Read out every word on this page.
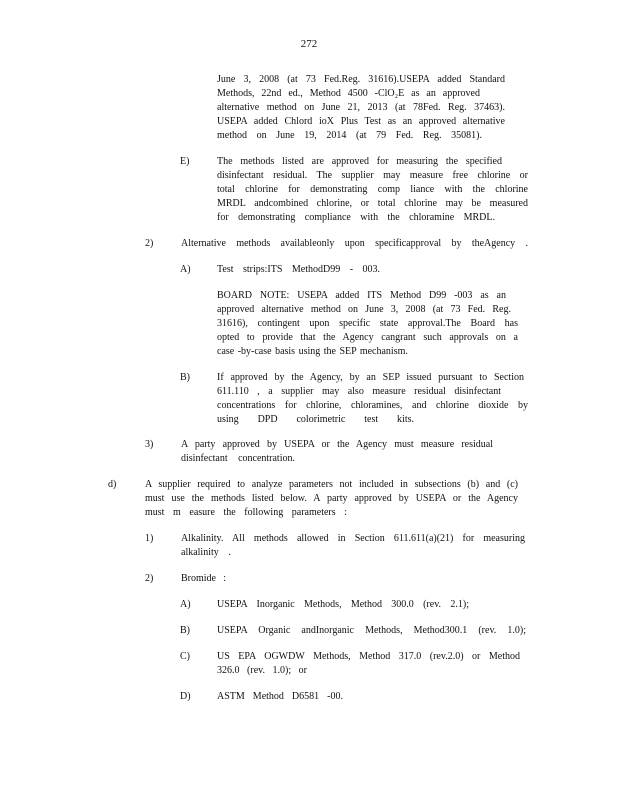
272

June 3, 2008 (at 73 Fed.Reg. 31616).USEPA added Standard

Methods, 22nd ed., Method 4500 -ClO₂E as an approved

alternative method on June 21, 2013 (at 78Fed. Reg. 37463).

USEPA added Chlord ioX Plus Test as an approved alternative

method on June 19, 2014 (at 79 Fed. Reg. 35081).

E)	The methods listed are approved for measuring the specified

disinfectant residual. The supplier may measure free chlorine or

total chlorine for demonstrating comp liance with the chlorine

MRDL andcombined chlorine, or total chlorine may be measured

for demonstrating compliance with the chloramine MRDL.

2)	Alternative methods availableonly upon specificapproval by theAgency .

A)	Test strips:ITS MethodD99 - 003.

BOARD NOTE: USEPA added ITS Method D99 -003 as an

approved alternative method on June 3, 2008 (at 73 Fed. Reg.

31616), contingent upon specific state approval.The Board has

opted to provide that the Agency cangrant such approvals on a

case -by-case basis using the SEP mechanism.

B)	If approved by the Agency, by an SEP issued pursuant to Section

611.110 , a supplier may also measure residual disinfectant

concentrations for chlorine, chloramines, and chlorine dioxide by

using DPD colorimetric test kits.

3)	A party approved by USEPA or the Agency must measure residual

disinfectant concentration.

d)	A supplier required to analyze parameters not included in subsections (b) and (c)

must use the methods listed below. A party approved by USEPA or the Agency

must m easure the following parameters :

1)	Alkalinity. All methods allowed in Section 611.611(a)(21) for measuring

alkalinity .

2)	Bromide :

A)	USEPA Inorganic Methods, Method 300.0 (rev. 2.1);

B)	USEPA Organic andInorganic Methods, Method300.1 (rev. 1.0);

C)	US EPA OGWDW Methods, Method 317.0 (rev.2.0) or Method

326.0 (rev. 1.0); or

D)	ASTM Method D6581 -00.
